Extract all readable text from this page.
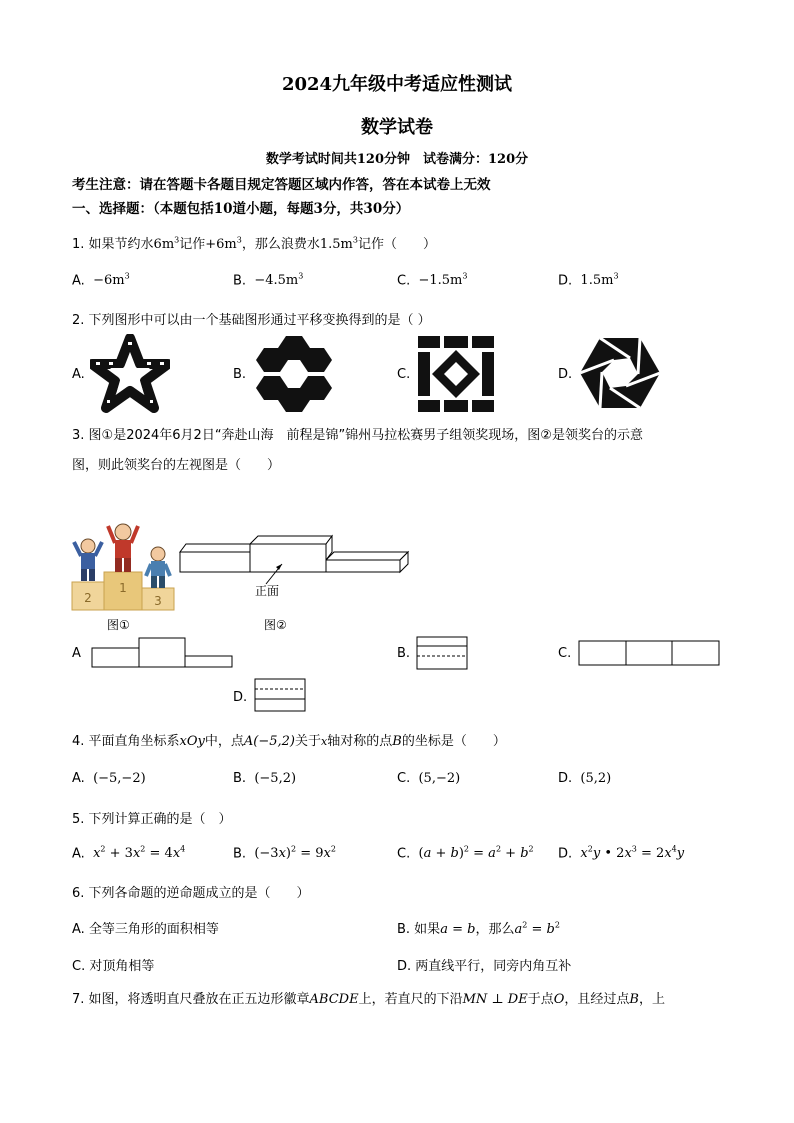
2024九年级中考适应性测试
数学试卷
数学考试时间共120分钟　试卷满分：120分
考生注意：请在答题卡各题目规定答题区域内作答，答在本试卷上无效
一、选择题：（本题包括10道小题，每题3分，共30分）
1. 如果节约水$6m^3$记作$+6m^3$，那么浪费水$1.5m^3$记作（　　）
A. $-6m^3$	B. $-4.5m^3$	C. $-1.5m^3$	D. $1.5m^3$
2. 下列图形中可以由一个基础图形通过平移变换得到的是（ ）
A.	B.	C.	D.
3. 图①是2024年6月2日“奔赴山海　前程是锦”锦州马拉松赛男子组领奖现场，图②是领奖台的示意
图，则此领奖台的左视图是（　　）
2
1
3
正面
图①	图②
A	B.	C.
D.
4. 平面直角坐标系xOy中，点A(−5,2)关于x轴对称的点B的坐标是（　　）
A. (−5,−2)	B. (−5,2)	C. (5,−2)	D. (5,2)
5. 下列计算正确的是（　）
A. $x^2 + 3x^2 = 4x^4$	B. $(-3x)^2 = 9x^2$	C. $(a + b)^2 = a^2 + b^2$ D. $x^2y$ • $2x^3 = 2x^4y$
6. 下列各命题的逆命题成立的是（　　）
A. 全等三角形的面积相等	B. 如果a = b，那么$a^2 = b^2$
C. 对顶角相等	D. 两直线平行，同旁内角互补
7. 如图，将透明直尺叠放在正五边形徽章ABCDE上，若直尺的下沿MN ⊥ DE于点O，且经过点B，上
